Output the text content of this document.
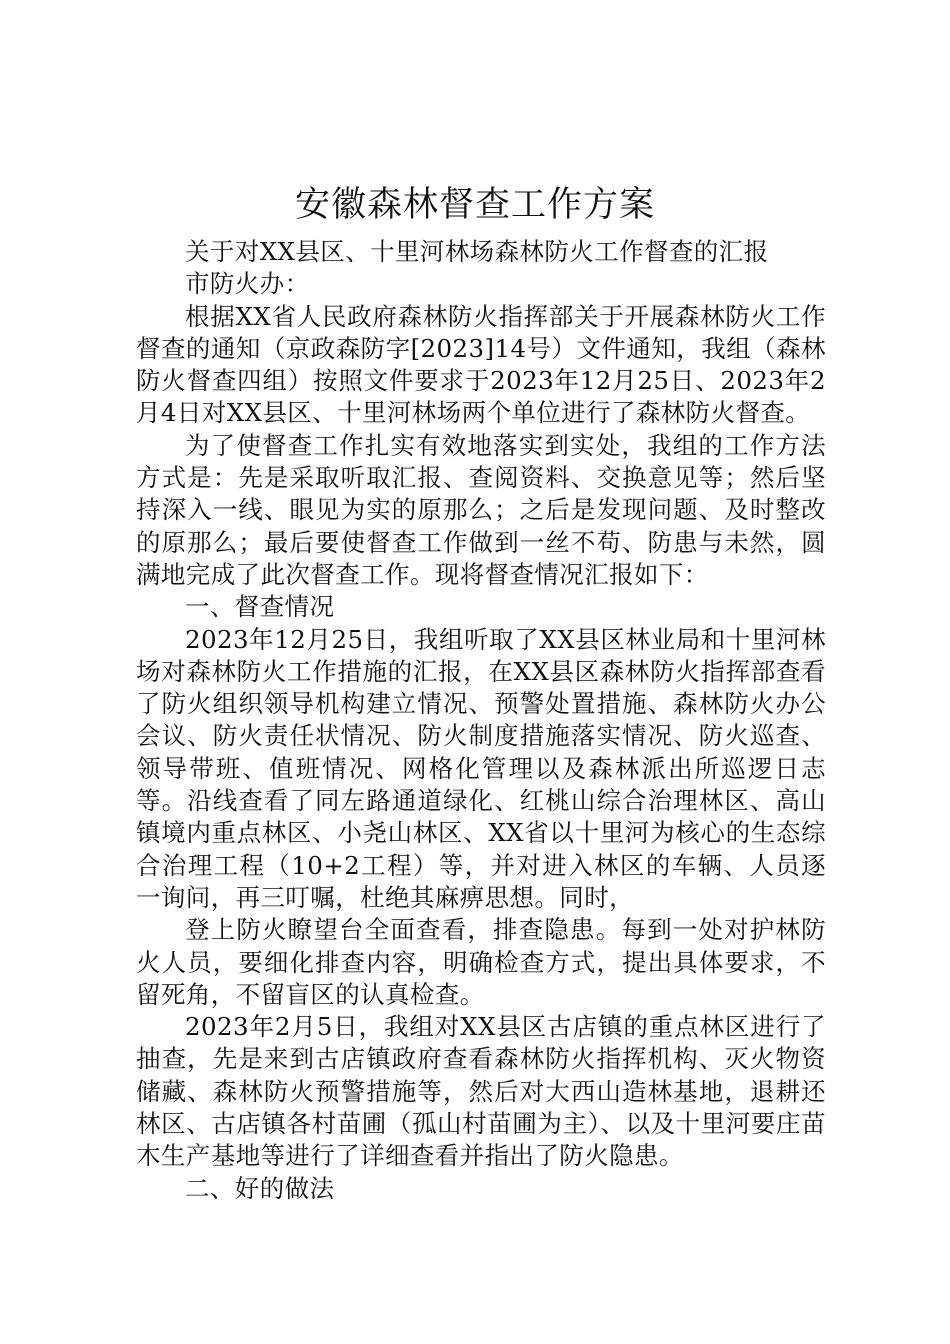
安徽森林督查工作方案

关于对XX县区、十里河林场森林防火工作督查的汇报

市防火办：

根据XX省人民政府森林防火指挥部关于开展森林防火工作督查的通知（京政森防字[2023]14号）文件通知，我组（森林防火督查四组）按照文件要求于2023年12月25日、2023年2月4日对XX县区、十里河林场两个单位进行了森林防火督查。

为了使督查工作扎实有效地落实到实处，我组的工作方法方式是：先是采取听取汇报、查阅资料、交换意见等；然后坚持深入一线、眼见为实的原那么；之后是发现问题、及时整改的原那么；最后要使督查工作做到一丝不苟、防患与未然，圆满地完成了此次督查工作。现将督查情况汇报如下：

一、督查情况

2023年12月25日，我组听取了XX县区林业局和十里河林场对森林防火工作措施的汇报，在XX县区森林防火指挥部查看了防火组织领导机构建立情况、预警处置措施、森林防火办公会议、防火责任状情况、防火制度措施落实情况、防火巡查、领导带班、值班情况、网格化管理以及森林派出所巡逻日志等。沿线查看了同左路通道绿化、红桃山综合治理林区、高山镇境内重点林区、小尧山林区、XX省以十里河为核心的生态综合治理工程（10+2工程）等，并对进入林区的车辆、人员逐一询问，再三叮嘱，杜绝其麻痹思想。同时，

登上防火瞭望台全面查看，排查隐患。每到一处对护林防火人员，要细化排查内容，明确检查方式，提出具体要求，不留死角，不留盲区的认真检查。

2023年2月5日，我组对XX县区古店镇的重点林区进行了抽查，先是来到古店镇政府查看森林防火指挥机构、灭火物资储藏、森林防火预警措施等，然后对大西山造林基地，退耕还林区、古店镇各村苗圃（孤山村苗圃为主）、以及十里河要庄苗木生产基地等进行了详细查看并指出了防火隐患。

二、好的做法
